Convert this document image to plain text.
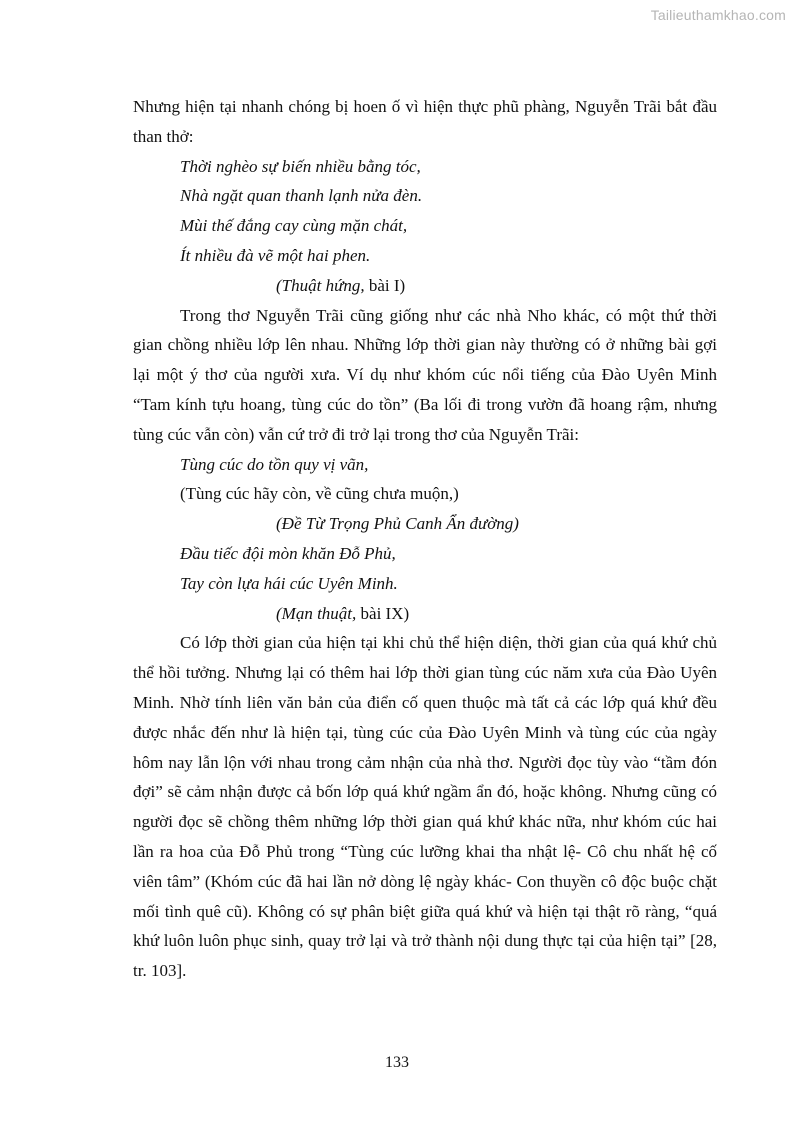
Tailieuthamkhao.com

Nhưng hiện tại nhanh chóng bị hoen ố vì hiện thực phũ phàng, Nguyễn Trãi bắt đầu than thở:

Thời nghèo sự biến nhiều bằng tóc,

Nhà ngặt quan thanh lạnh nửa đèn.

Mùi thế đắng cay cùng mặn chát,

Ít nhiều đà vẽ một hai phen.

(Thuật hứng, bài I)

Trong thơ Nguyễn Trãi cũng giống như các nhà Nho khác, có một thứ thời gian chồng nhiều lớp lên nhau. Những lớp thời gian này thường có ở những bài gợi lại một ý thơ của người xưa. Ví dụ như khóm cúc nổi tiếng của Đào Uyên Minh “Tam kính tựu hoang, tùng cúc do tồn” (Ba lối đi trong vườn đã hoang rậm, nhưng tùng cúc vẫn còn) vẫn cứ trở đi trở lại trong thơ của Nguyễn Trãi:

Tùng cúc do tồn quy vị vãn,

(Tùng cúc hãy còn, về cũng chưa muộn,)

(Đề Từ Trọng Phủ Canh Ẩn đường)

Đầu tiếc đội mòn khăn Đỗ Phủ,

Tay còn lựa hái cúc Uyên Minh.

(Mạn thuật, bài IX)

Có lớp thời gian của hiện tại khi chủ thể hiện diện, thời gian của quá khứ chủ thể hồi tưởng. Nhưng lại có thêm hai lớp thời gian tùng cúc năm xưa của Đào Uyên Minh. Nhờ tính liên văn bản của điển cố quen thuộc mà tất cả các lớp quá khứ đều được nhắc đến như là hiện tại, tùng cúc của Đào Uyên Minh và tùng cúc của ngày hôm nay lẫn lộn với nhau trong cảm nhận của nhà thơ. Người đọc tùy vào “tầm đón đợi” sẽ cảm nhận được cả bốn lớp quá khứ ngầm ẩn đó, hoặc không. Nhưng cũng có người đọc sẽ chồng thêm những lớp thời gian quá khứ khác nữa, như khóm cúc hai lần ra hoa của Đỗ Phủ trong “Tùng cúc lưỡng khai tha nhật lệ- Cô chu nhất hệ cố viên tâm” (Khóm cúc đã hai lần nở dòng lệ ngày khác- Con thuyền cô độc buộc chặt mối tình quê cũ). Không có sự phân biệt giữa quá khứ và hiện tại thật rõ ràng, “quá khứ luôn luôn phục sinh, quay trở lại và trở thành nội dung thực tại của hiện tại” [28, tr. 103].

133
